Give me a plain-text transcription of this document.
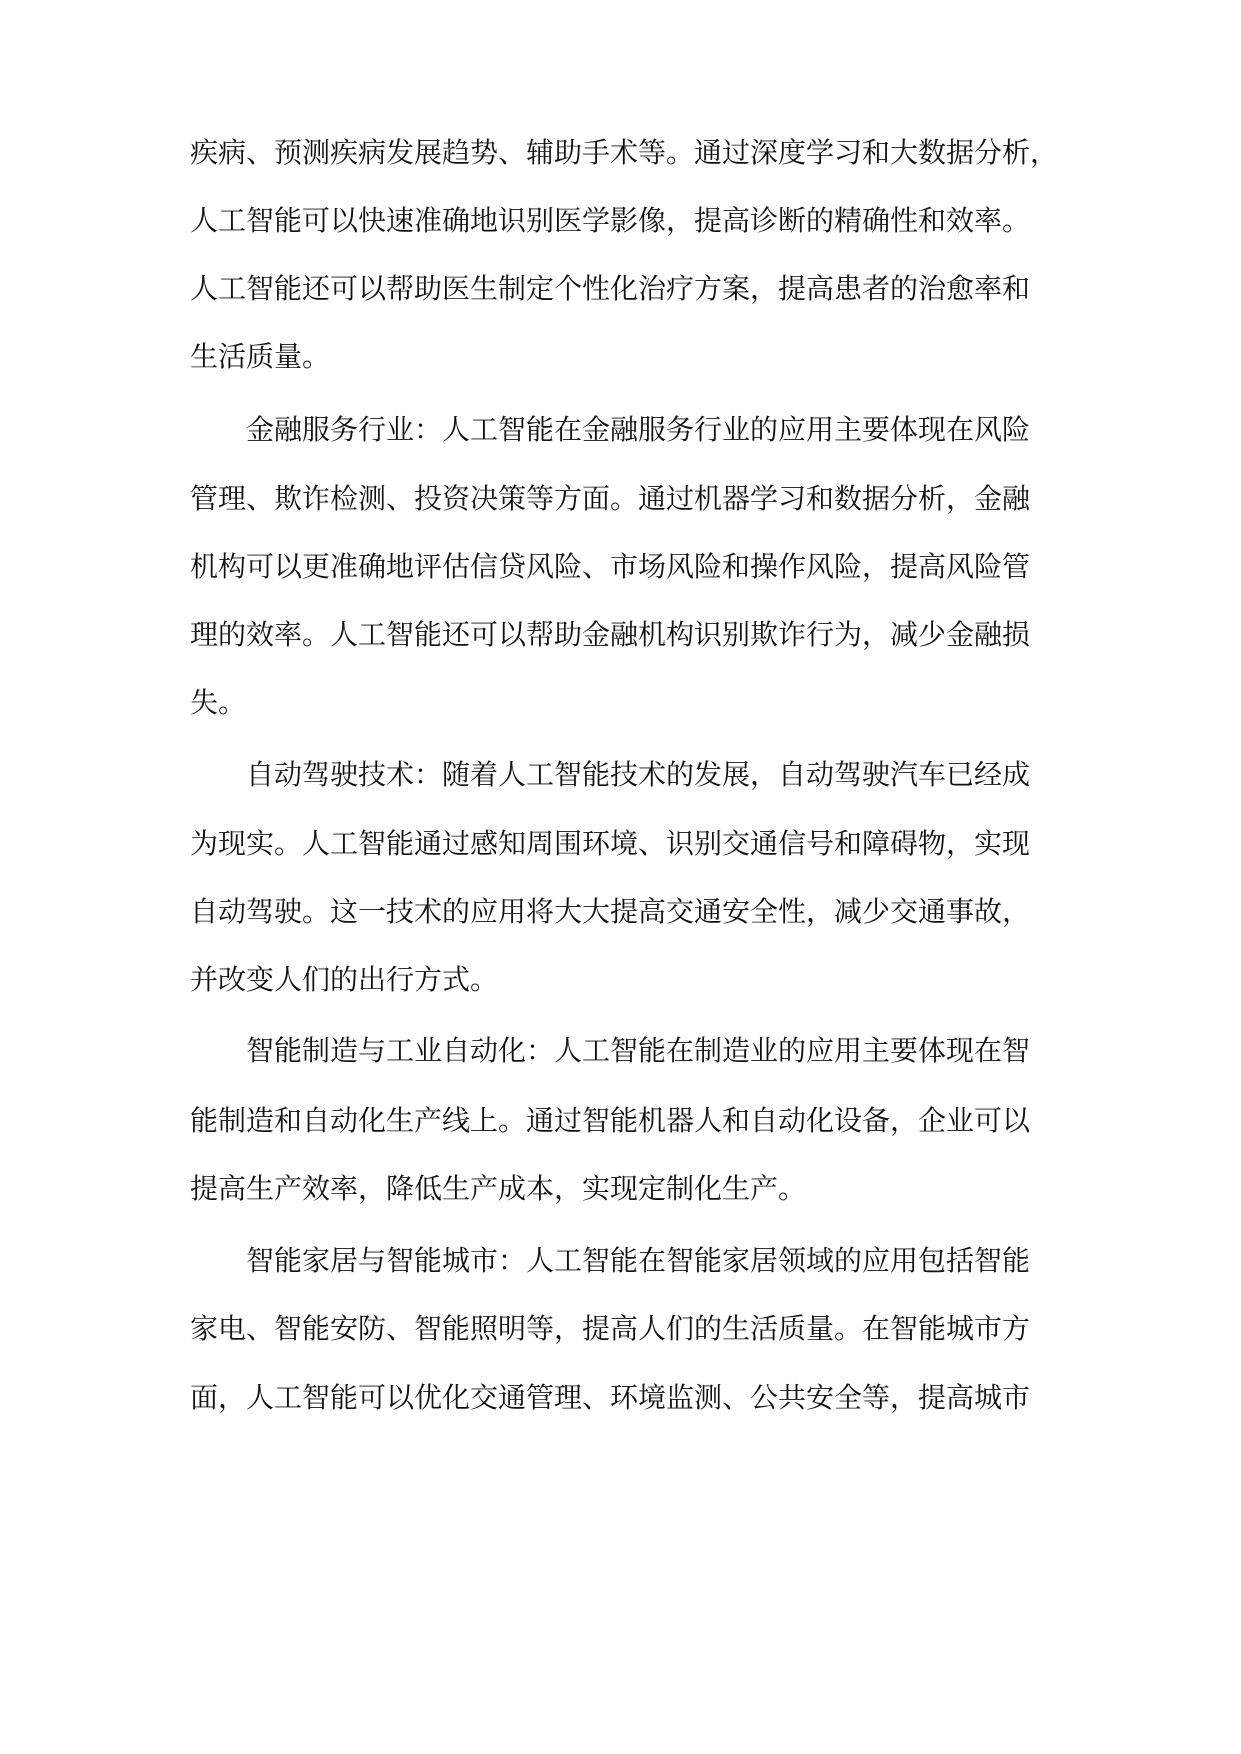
疾病、预测疾病发展趋势、辅助手术等。通过深度学习和大数据分析，
人工智能可以快速准确地识别医学影像，提高诊断的精确性和效率。
人工智能还可以帮助医生制定个性化治疗方案，提高患者的治愈率和
生活质量。
金融服务行业：人工智能在金融服务行业的应用主要体现在风险
管理、欺诈检测、投资决策等方面。通过机器学习和数据分析，金融
机构可以更准确地评估信贷风险、市场风险和操作风险，提高风险管
理的效率。人工智能还可以帮助金融机构识别欺诈行为，减少金融损
失。
自动驾驶技术：随着人工智能技术的发展，自动驾驶汽车已经成
为现实。人工智能通过感知周围环境、识别交通信号和障碍物，实现
自动驾驶。这一技术的应用将大大提高交通安全性，减少交通事故，
并改变人们的出行方式。
智能制造与工业自动化：人工智能在制造业的应用主要体现在智
能制造和自动化生产线上。通过智能机器人和自动化设备，企业可以
提高生产效率，降低生产成本，实现定制化生产。
智能家居与智能城市：人工智能在智能家居领域的应用包括智能
家电、智能安防、智能照明等，提高人们的生活质量。在智能城市方
面，人工智能可以优化交通管理、环境监测、公共安全等，提高城市
